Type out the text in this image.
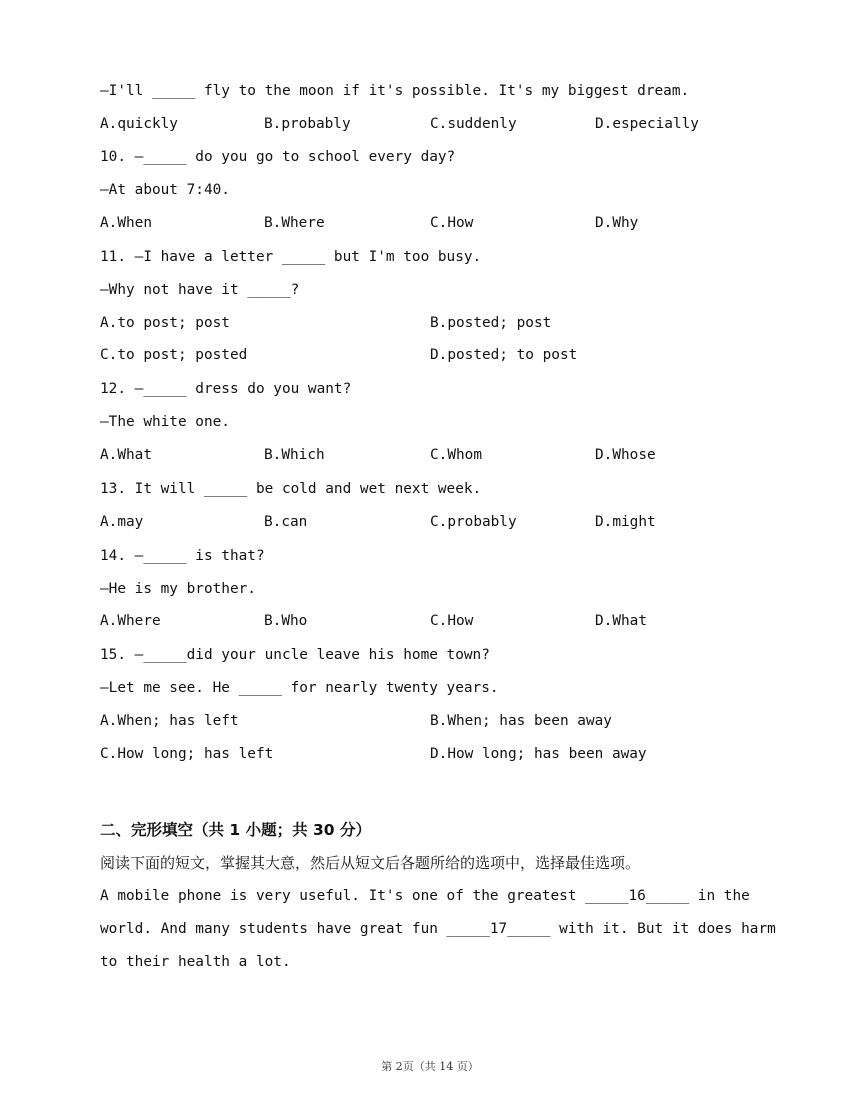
—I'll _____ fly to the moon if it's possible. It's my biggest dream.
A.quickly	B.probably	C.suddenly	D.especially
10. —_____ do you go to school every day?
—At about 7:40.
A.When	B.Where	C.How	D.Why
11. —I have a letter _____ but I'm too busy.
—Why not have it _____?
A.to post; post	B.posted; post
C.to post; posted	D.posted; to post
12. —_____ dress do you want?
—The white one.
A.What	B.Which	C.Whom	D.Whose
13. It will _____ be cold and wet next week.
A.may	B.can	C.probably	D.might
14. —_____ is that?
—He is my brother.
A.Where	B.Who	C.How	D.What
15. —_____did your uncle leave his home town?
—Let me see. He _____ for nearly twenty years.
A.When; has left	B.When; has been away
C.How long; has left	D.How long; has been away
二、完形填空（共 1 小题；共 30 分）
阅读下面的短文，掌握其大意，然后从短文后各题所给的选项中，选择最佳选项。
A mobile phone is very useful. It's one of the greatest _____16_____ in the
world. And many students have great fun _____17_____ with it. But it does harm
to their health a lot.
第 2页（共 14 页）
